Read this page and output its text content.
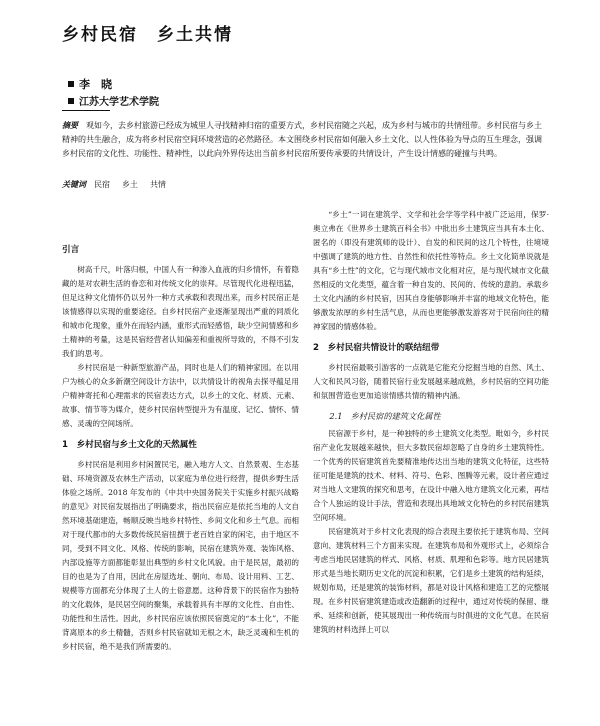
乡村民宿　乡土共情
李　晓
江苏大学艺术学院
摘要　 观如今，去乡村旅游已经成为城里人寻找精神归宿的重要方式，乡村民宿随之兴起，成为乡村与城市的共情纽带。乡村民宿与乡土精神的共生融合，成为将乡村民宿空间环境营造的必然路径。本文围绕乡村民宿如何融入乡土文化、以人性体验为导点的互生理念，强调乡村民宿的文化性、功能性、精神性，以此向外界传达出当前乡村民宿所要传承要的共情设计，产生设计情感的碰撞与共鸣。
关键词 民宿 乡土 共情
引言

树高千尺，叶落归根，中国人有一种渗入血液的归乡情怀，有着隐藏的是对农耕生活的眷恋和对传统文化的崇拜。尽管现代化进程迅猛，但足这种文化情怀仍以另外一种方式承载和表现出来，而乡村民宿正是该情感得以实现的重要途径。自乡村民宿产业逐渐显现出严重的同质化和城市化现象，重外在而轻内涵，重形式而轻感悟，缺少空间情感和乡土精神的考量，这是民宿经营者认知偏差和重视所导致的，不得不引发我们的思考。

乡村民宿是一种新型旅游产品，同时也是人们的精神家园。在以用户为核心的众多新潮空间设计方法中，以共情设计的视角去探寻蕴足用户精神寄托和心理需求的民宿表达方式，以乡土的文化、材质、元素、故事、情节等为媒介，使乡村民宿转型提升为有温度、记忆、情怀、情感、灵魂的空间场所。

1　乡村民宿与乡土文化的天然属性

乡村民宿是利用乡村闲置民宅，融入地方人文、自然景观、生态基础、环境资源及农林生产活动，以家庭为单位进行经营，提供乡野生活体验之场所。2018 年发布的《中共中央国务院关于实施乡村振兴战略的意见》对民宿发展指出了明确要求，指出民宿应是依托当地的人文自然环境基础建造，畅顺反映当地乡村特性、乡间文化和乡土气息。而相对于现代都市的大多数传统民宿扭撰于老百姓自家的闲宅，由于地区不同，受到不同文化、风格、传统的影响，民宿在建筑外观、装饰风格、内部设施等方面都能彰显出典型的乡村文化风貌。由于是民居，最初的目的也是为了自用，因此在房屋选址、朝向、布局、设计用料、工艺、规模等方面都充分体现了土人的土俗意愿。这种背景下的民宿作为独特的文化载体，是民居空间的聚集，承载着具有丰厚的文化性、自由性、功能性和生活性。因此，乡村民宿应该依照民宿奠定的“本土化”，不能背离原本的乡土精髓，否则乡村民宿就如无根之木，缺乏灵魂和生机的乡村民宿，绝不是我们所需要的。

“乡土”一词在建筑学、文学和社会学等学科中被广泛运用，保罗·奥立弗在《世界乡土建筑百科全书》中批出乡土建筑应当具有本土化、匿名的（即没有建筑师的设计）、自发的和民间的这几个特性，往境境中强调了建筑的地方性、自然性和依托性等特点。乡土文化简单说就是具有“乡土性”的文化，它与现代城市文化相对应，是与现代城市文化截然相反的文化类型，蕴含着一种自发的、民间的、传统的意韵。承载乡土文化内涵的乡村民宿，因其自身能够影响并丰富的地域文化特色，能够激发浓厚的乡村生活气息，从而也更能够激发游客对于民宿向往的精神家园的情感体验。

2　乡村民宿共情设计的联结纽带

乡村民宿最吸引游客的一点就是它能充分挖掘当地的自然、风土、人文和民风习俗，随着民宿行业发展越来越成熟，乡村民宿的空间功能和氛围营造也更加追崇情感共情的精神内涵。

2.1　乡村民宿的建筑文化属性

民宿源于乡村，是一种独特的乡土建筑文化类型。毗如今，乡村民宿产业化发展越来越快，但大多数民宿却忽略了自身的乡土建筑特性。一个优秀的民宿建筑首先要精准地传达出当地的建筑文化特征，这些特征可能是建筑的技术、材料、符号、色彩、图腾等元素，设计者应通过对当地人文建筑的探究和思考，在设计中融入地方建筑文化元素，再结合个人独运的设计手法，营造和表现出具地域文化特色的乡村民宿建筑空间环境。

民宿建筑对于乡村文化表现的综合表现主要依托于建筑布局、空间意向、建筑材料三个方面来实现。在建筑布局和外观形式上，必须综合考虑当地民居建筑的样式、风格、材质、肌理和色彩等。地方民居建筑形式是当地长期历史文化的沉淀和积累，它们是乡土建筑的结构延续，规划布局，还是建筑的装饰材料，都是对设计风格和建造工艺的完整展现。在乡村民宿建筑建造或改造翻新的过程中，通过对传统的保留、继承、延续和创新，使其展现出一种传统而与时俱进的文化气息。在民宿建筑的材料选择上可以
